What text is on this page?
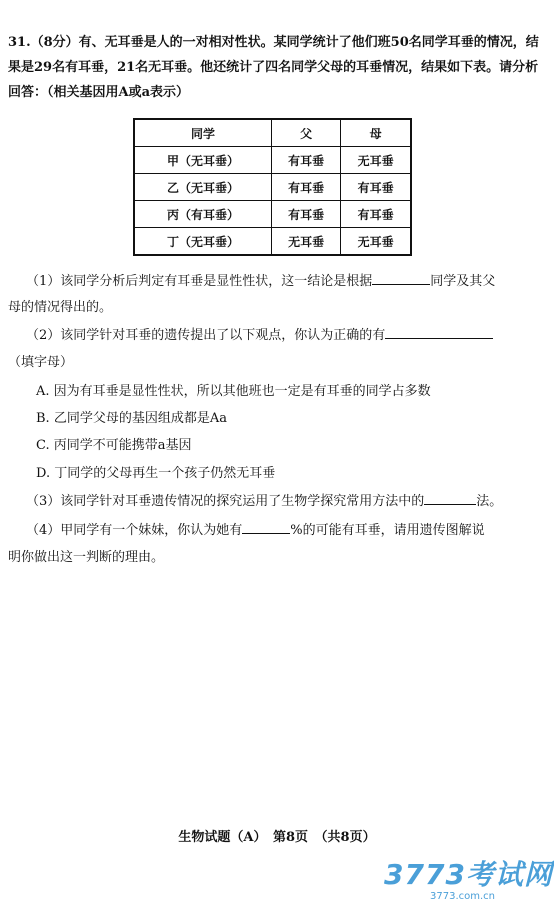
31.（8分）有、无耳垂是人的一对相对性状。某同学统计了他们班50名同学耳垂的情况，结果是29名有耳垂，21名无耳垂。他还统计了四名同学父母的耳垂情况，结果如下表。请分析回答：（相关基因用A或a表示）
同学	父	母
甲（无耳垂）	有耳垂	无耳垂
乙（无耳垂）	有耳垂	有耳垂
丙（有耳垂）	有耳垂	有耳垂
丁（无耳垂）	无耳垂	无耳垂
（1）该同学分析后判定有耳垂是显性性状，这一结论是根据	同学及其父
母的情况得出的。
（2）该同学针对耳垂的遗传提出了以下观点，你认为正确的有
（填字母）
A. 因为有耳垂是显性性状，所以其他班也一定是有耳垂的同学占多数
B. 乙同学父母的基因组成都是Aa
C. 丙同学不可能携带a基因
D. 丁同学的父母再生一个孩子仍然无耳垂
（3）该同学针对耳垂遗传情况的探究运用了生物学探究常用方法中的	法。
（4）甲同学有一个妹妹，你认为她有	%的可能有耳垂，请用遗传图解说
明你做出这一判断的理由。
生物试题（A）　第8页　（共8页）
3773考试网
3773.com.cn
